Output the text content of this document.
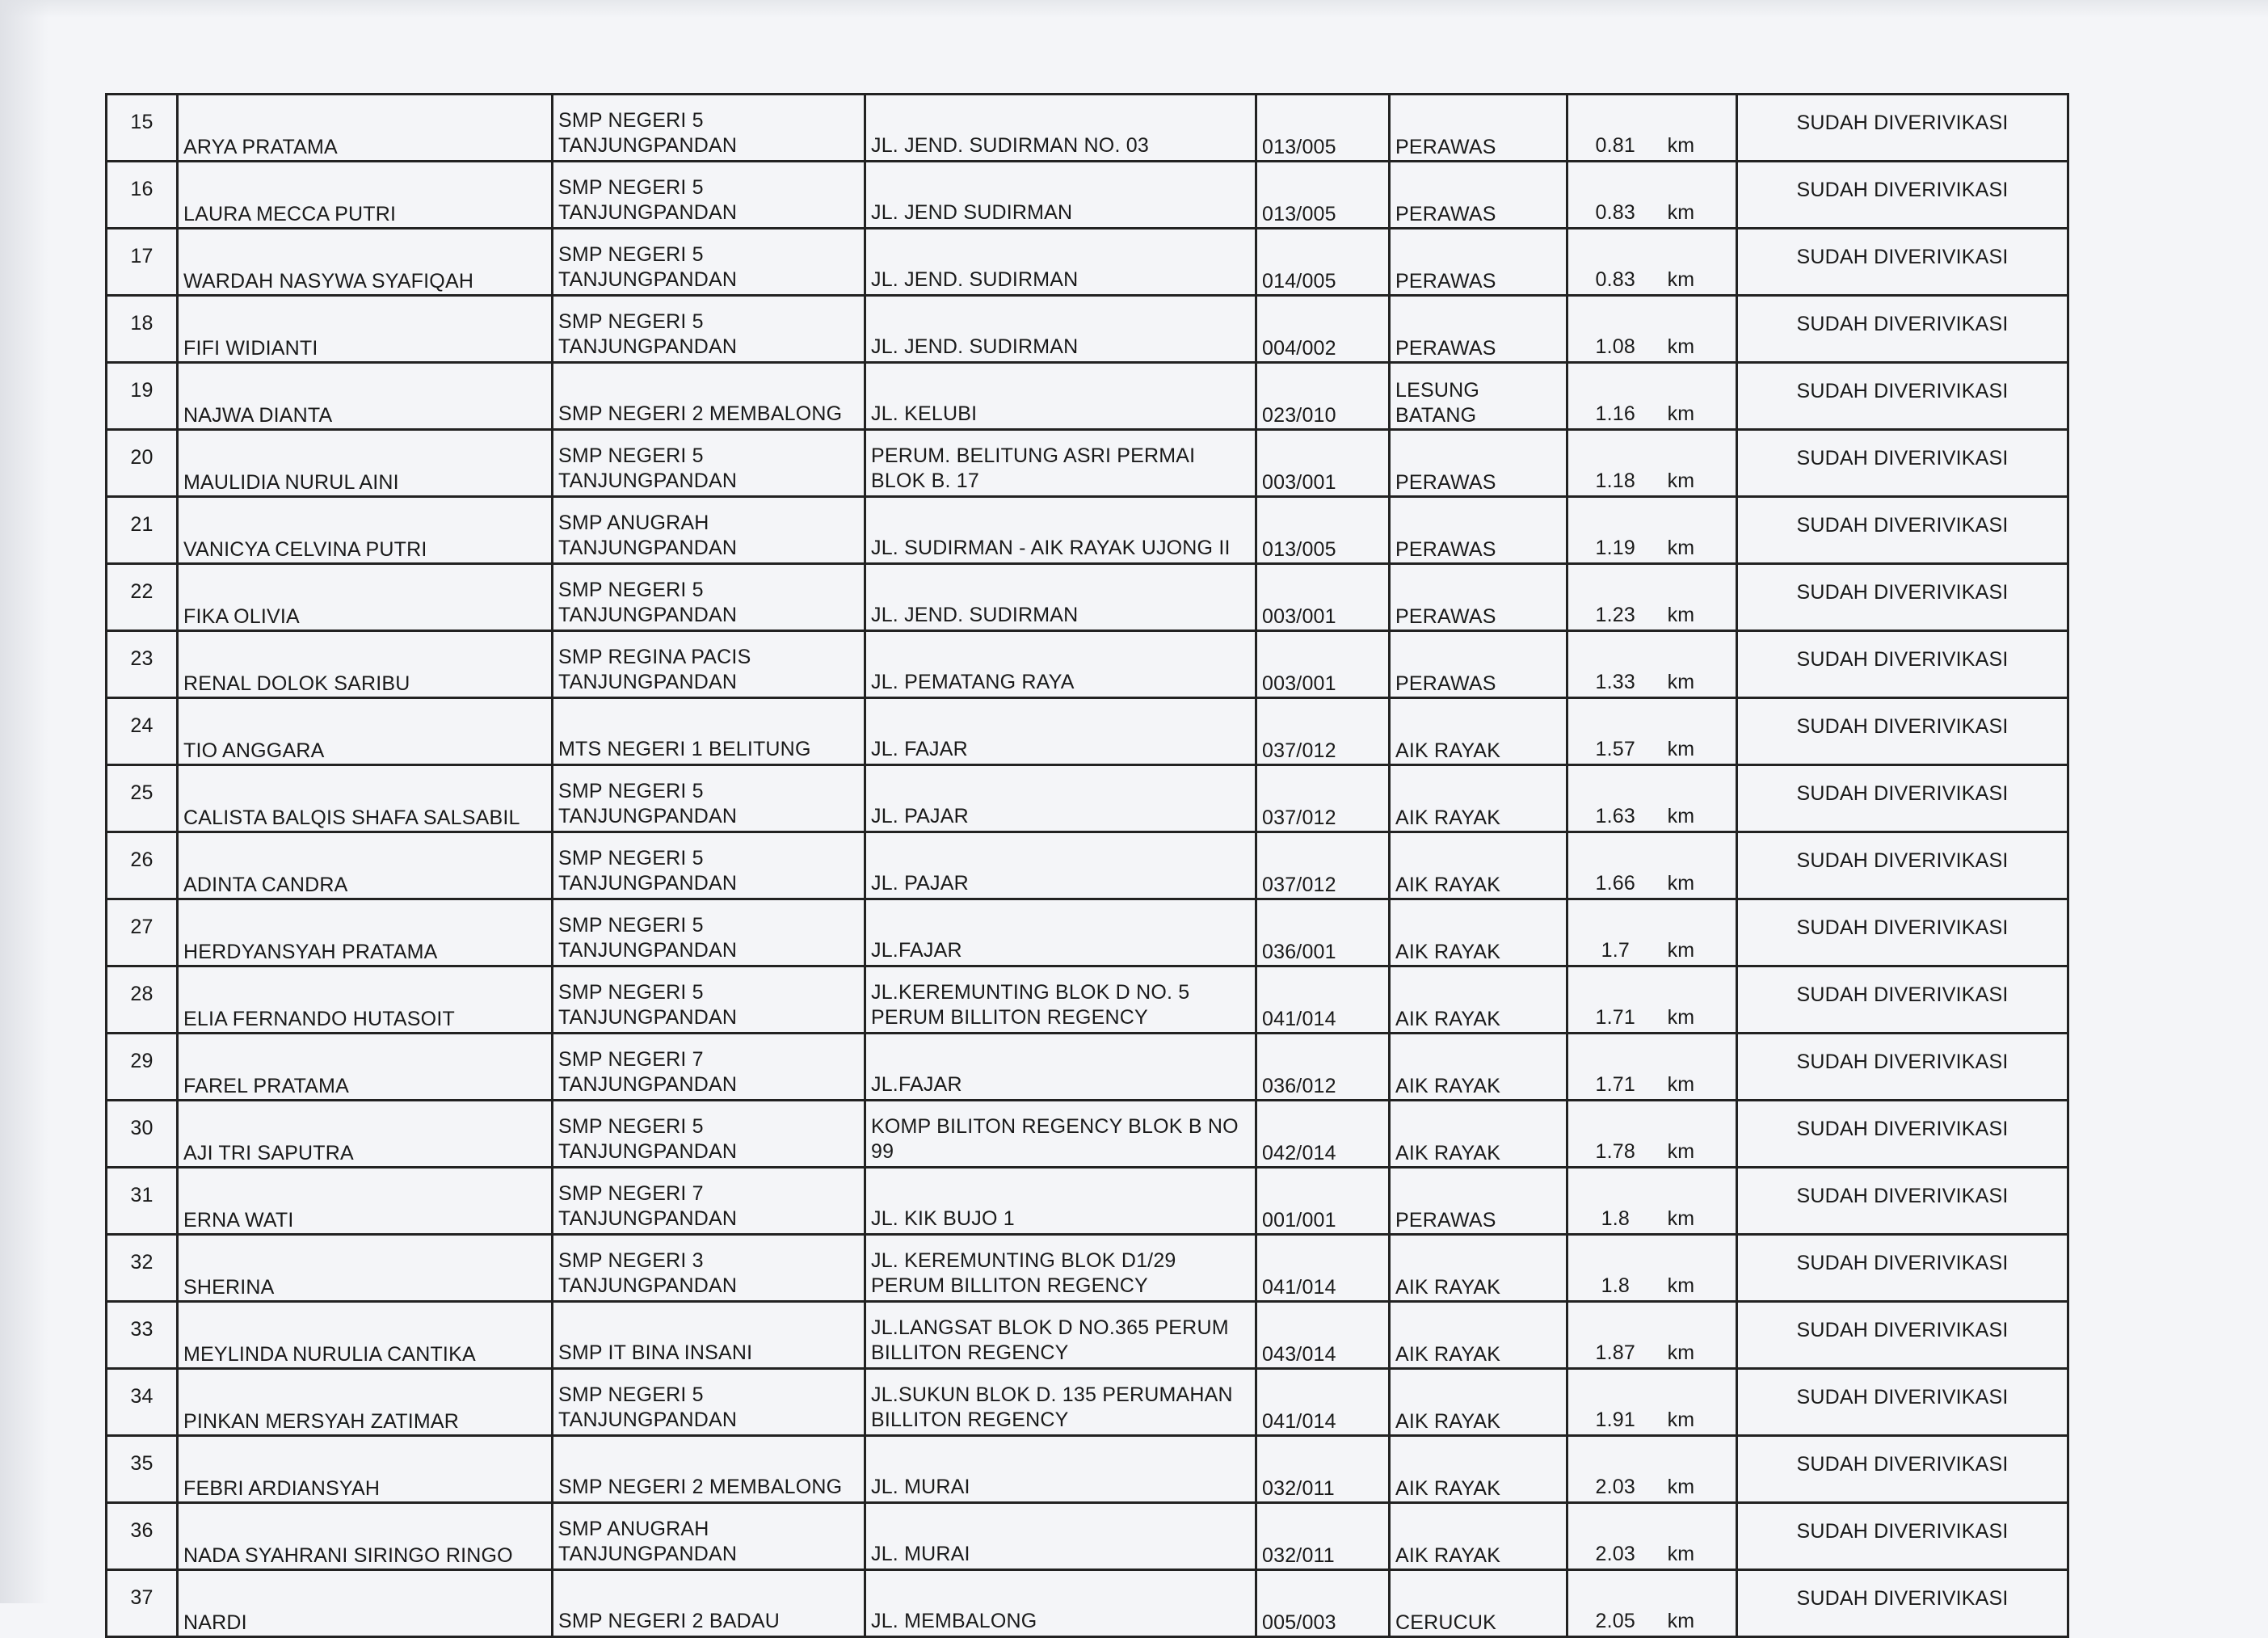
15	ARYA PRATAMA	SMP NEGERI 5 TANJUNGPANDAN	JL. JEND. SUDIRMAN NO. 03	013/005	PERAWAS	0.81 km	SUDAH DIVERIVIKASI
16	LAURA MECCA PUTRI	SMP NEGERI 5 TANJUNGPANDAN	JL. JEND SUDIRMAN	013/005	PERAWAS	0.83 km	SUDAH DIVERIVIKASI
17	WARDAH NASYWA SYAFIQAH	SMP NEGERI 5 TANJUNGPANDAN	JL. JEND. SUDIRMAN	014/005	PERAWAS	0.83 km	SUDAH DIVERIVIKASI
18	FIFI WIDIANTI	SMP NEGERI 5 TANJUNGPANDAN	JL. JEND. SUDIRMAN	004/002	PERAWAS	1.08 km	SUDAH DIVERIVIKASI
19	NAJWA DIANTA	SMP NEGERI 2 MEMBALONG	JL. KELUBI	023/010	LESUNG BATANG	1.16 km	SUDAH DIVERIVIKASI
20	MAULIDIA NURUL AINI	SMP NEGERI 5 TANJUNGPANDAN	PERUM. BELITUNG ASRI PERMAI BLOK B. 17	003/001	PERAWAS	1.18 km	SUDAH DIVERIVIKASI
21	VANICYA CELVINA PUTRI	SMP ANUGRAH TANJUNGPANDAN	JL. SUDIRMAN - AIK RAYAK UJONG II	013/005	PERAWAS	1.19 km	SUDAH DIVERIVIKASI
22	FIKA OLIVIA	SMP NEGERI 5 TANJUNGPANDAN	JL. JEND. SUDIRMAN	003/001	PERAWAS	1.23 km	SUDAH DIVERIVIKASI
23	RENAL DOLOK SARIBU	SMP REGINA PACIS TANJUNGPANDAN	JL. PEMATANG RAYA	003/001	PERAWAS	1.33 km	SUDAH DIVERIVIKASI
24	TIO ANGGARA	MTS NEGERI 1 BELITUNG	JL. FAJAR	037/012	AIK RAYAK	1.57 km	SUDAH DIVERIVIKASI
25	CALISTA BALQIS SHAFA SALSABIL	SMP NEGERI 5 TANJUNGPANDAN	JL. PAJAR	037/012	AIK RAYAK	1.63 km	SUDAH DIVERIVIKASI
26	ADINTA CANDRA	SMP NEGERI 5 TANJUNGPANDAN	JL. PAJAR	037/012	AIK RAYAK	1.66 km	SUDAH DIVERIVIKASI
27	HERDYANSYAH PRATAMA	SMP NEGERI 5 TANJUNGPANDAN	JL.FAJAR	036/001	AIK RAYAK	1.7 km	SUDAH DIVERIVIKASI
28	ELIA FERNANDO HUTASOIT	SMP NEGERI 5 TANJUNGPANDAN	JL.KEREMUNTING BLOK D NO. 5 PERUM BILLITON REGENCY	041/014	AIK RAYAK	1.71 km	SUDAH DIVERIVIKASI
29	FAREL PRATAMA	SMP NEGERI 7 TANJUNGPANDAN	JL.FAJAR	036/012	AIK RAYAK	1.71 km	SUDAH DIVERIVIKASI
30	AJI TRI SAPUTRA	SMP NEGERI 5 TANJUNGPANDAN	KOMP BILITON REGENCY BLOK B NO 99	042/014	AIK RAYAK	1.78 km	SUDAH DIVERIVIKASI
31	ERNA WATI	SMP NEGERI 7 TANJUNGPANDAN	JL. KIK BUJO 1	001/001	PERAWAS	1.8 km	SUDAH DIVERIVIKASI
32	SHERINA	SMP NEGERI 3 TANJUNGPANDAN	JL. KEREMUNTING BLOK D1/29 PERUM BILLITON REGENCY	041/014	AIK RAYAK	1.8 km	SUDAH DIVERIVIKASI
33	MEYLINDA NURULIA CANTIKA	SMP IT BINA INSANI	JL.LANGSAT BLOK D NO.365 PERUM BILLITON REGENCY	043/014	AIK RAYAK	1.87 km	SUDAH DIVERIVIKASI
34	PINKAN MERSYAH ZATIMAR	SMP NEGERI 5 TANJUNGPANDAN	JL.SUKUN BLOK D. 135 PERUMAHAN BILLITON REGENCY	041/014	AIK RAYAK	1.91 km	SUDAH DIVERIVIKASI
35	FEBRI ARDIANSYAH	SMP NEGERI 2 MEMBALONG	JL. MURAI	032/011	AIK RAYAK	2.03 km	SUDAH DIVERIVIKASI
36	NADA SYAHRANI SIRINGO RINGO	SMP ANUGRAH TANJUNGPANDAN	JL. MURAI	032/011	AIK RAYAK	2.03 km	SUDAH DIVERIVIKASI
37	NARDI	SMP NEGERI 2 BADAU	JL. MEMBALONG	005/003	CERUCUK	2.05 km	SUDAH DIVERIVIKASI
